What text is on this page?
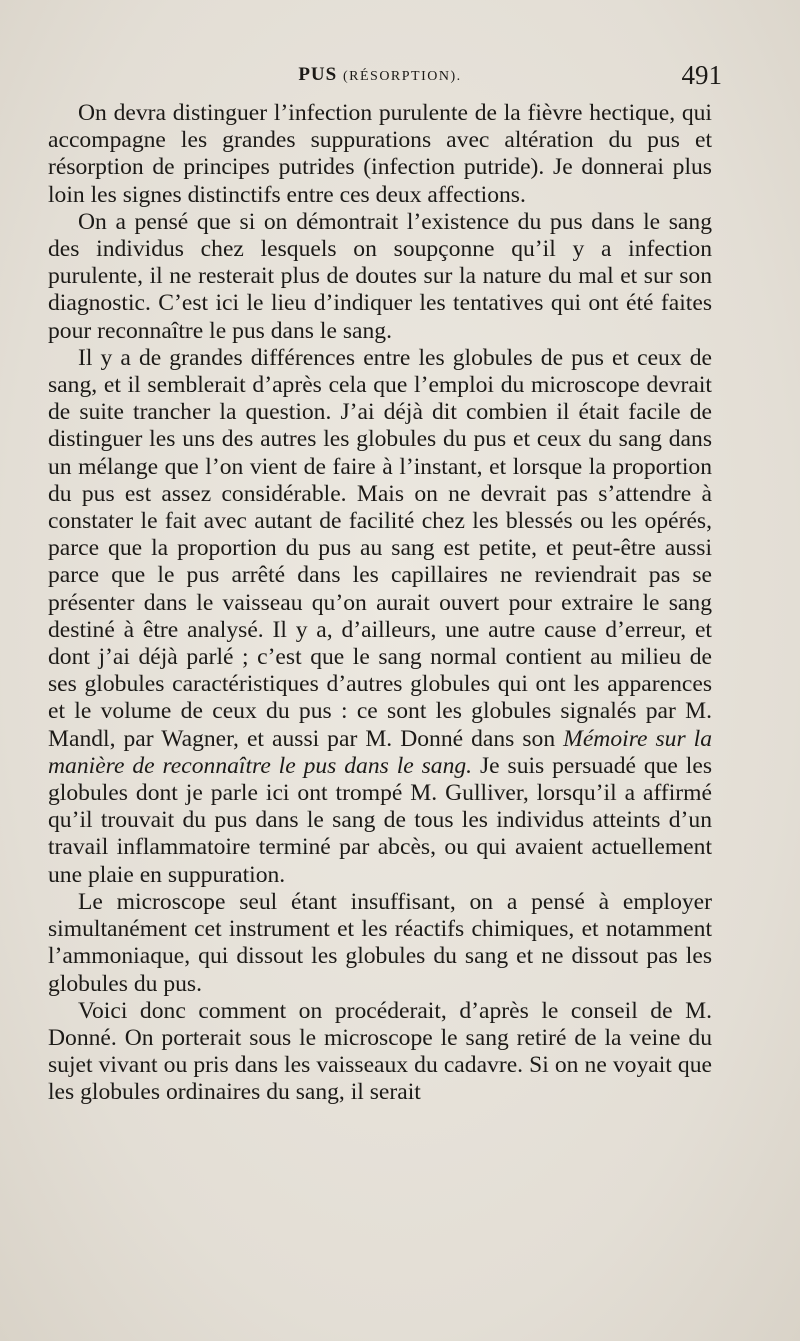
PUS (RÉSORPTION).	491

On devra distinguer l’infection purulente de la fièvre hectique, qui accompagne les grandes suppurations avec altération du pus et résorption de principes putrides (infection putride). Je donnerai plus loin les signes distinctifs entre ces deux affections.

On a pensé que si on démontrait l’existence du pus dans le sang des individus chez lesquels on soupçonne qu’il y a infection purulente, il ne resterait plus de doutes sur la nature du mal et sur son diagnostic. C’est ici le lieu d’indiquer les tentatives qui ont été faites pour reconnaître le pus dans le sang.

Il y a de grandes différences entre les globules de pus et ceux de sang, et il semblerait d’après cela que l’emploi du microscope devrait de suite trancher la question. J’ai déjà dit combien il était facile de distinguer les uns des autres les globules du pus et ceux du sang dans un mélange que l’on vient de faire à l’instant, et lorsque la proportion du pus est assez considérable. Mais on ne devrait pas s’attendre à constater le fait avec autant de facilité chez les blessés ou les opérés, parce que la proportion du pus au sang est petite, et peut-être aussi parce que le pus arrêté dans les capillaires ne reviendrait pas se présenter dans le vaisseau qu’on aurait ouvert pour extraire le sang destiné à être analysé. Il y a, d’ailleurs, une autre cause d’erreur, et dont j’ai déjà parlé ; c’est que le sang normal contient au milieu de ses globules caractéristiques d’autres globules qui ont les apparences et le volume de ceux du pus : ce sont les globules signalés par M. Mandl, par Wagner, et aussi par M. Donné dans son Mémoire sur la manière de reconnaître le pus dans le sang. Je suis persuadé que les globules dont je parle ici ont trompé M. Gulliver, lorsqu’il a affirmé qu’il trouvait du pus dans le sang de tous les individus atteints d’un travail inflammatoire terminé par abcès, ou qui avaient actuellement une plaie en suppuration.

Le microscope seul étant insuffisant, on a pensé à employer simultanément cet instrument et les réactifs chimiques, et notamment l’ammoniaque, qui dissout les globules du sang et ne dissout pas les globules du pus.

Voici donc comment on procéderait, d’après le conseil de M. Donné. On porterait sous le microscope le sang retiré de la veine du sujet vivant ou pris dans les vaisseaux du cadavre. Si on ne voyait que les globules ordinaires du sang, il serait
